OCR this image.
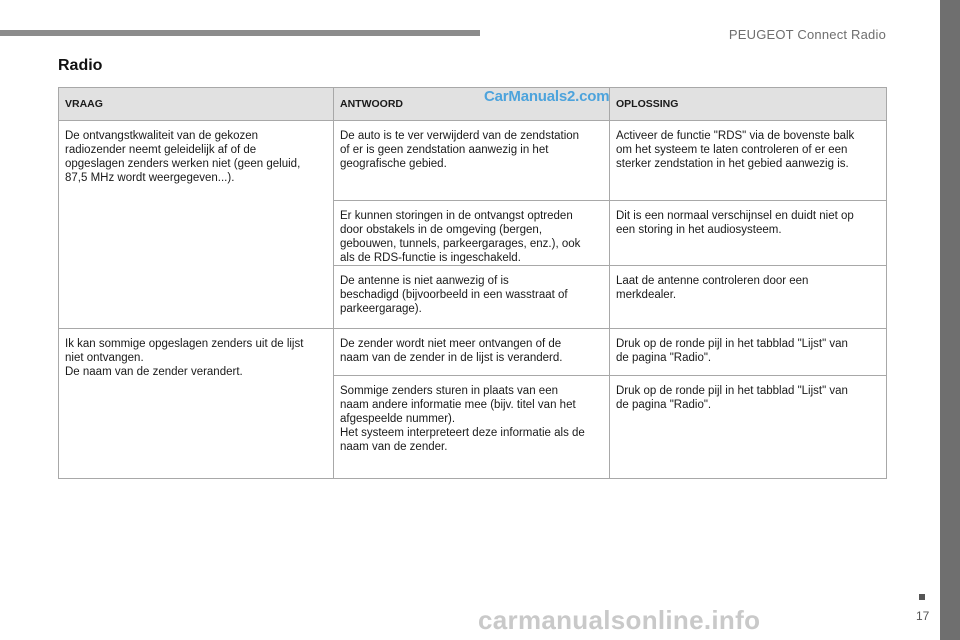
PEUGEOT Connect Radio
Radio
VRAAG	ANTWOORD	OPLOSSING
De ontvangstkwaliteit van de gekozen
radiozender neemt geleidelijk af of de
opgeslagen zenders werken niet (geen geluid,
87,5 MHz wordt weergegeven...).	De auto is te ver verwijderd van de zendstation
of er is geen zendstation aanwezig in het
geografische gebied.	Activeer de functie "RDS" via de bovenste balk
om het systeem te laten controleren of er een
sterker zendstation in het gebied aanwezig is.
	Er kunnen storingen in de ontvangst optreden
door obstakels in de omgeving (bergen,
gebouwen, tunnels, parkeergarages, enz.), ook
als de RDS-functie is ingeschakeld.	Dit is een normaal verschijnsel en duidt niet op
een storing in het audiosysteem.
	De antenne is niet aanwezig of is
beschadigd (bijvoorbeeld in een wasstraat of
parkeergarage).	Laat de antenne controleren door een
merkdealer.
Ik kan sommige opgeslagen zenders uit de lijst
niet ontvangen.
De naam van de zender verandert.	De zender wordt niet meer ontvangen of de
naam van de zender in de lijst is veranderd.	Druk op de ronde pijl in het tabblad "Lijst" van
de pagina "Radio".
	Sommige zenders sturen in plaats van een
naam andere informatie mee (bijv. titel van het
afgespeelde nummer).
Het systeem interpreteert deze informatie als de
naam van de zender.	Druk op de ronde pijl in het tabblad "Lijst" van
de pagina "Radio".
CarManuals2.com
17
carmanualsonline.info
